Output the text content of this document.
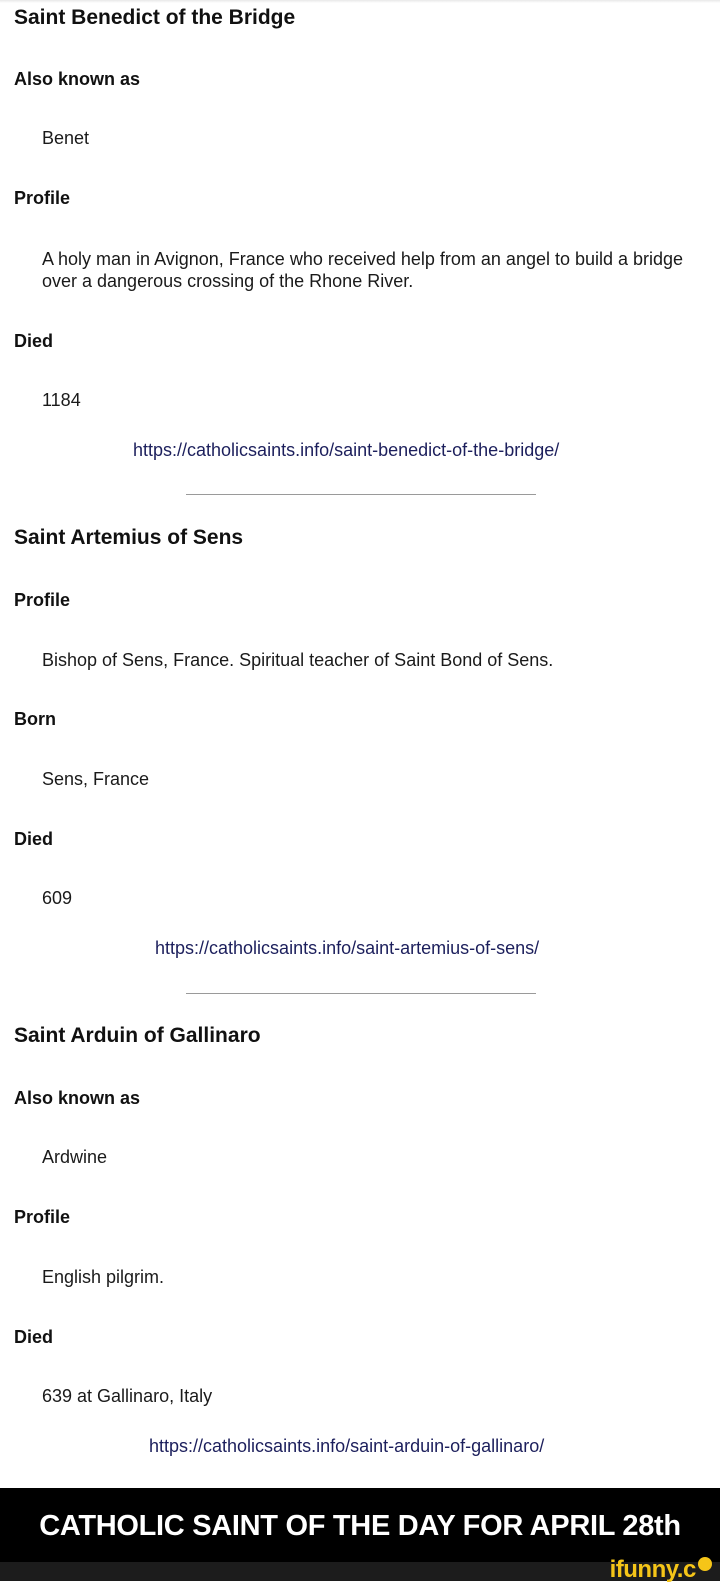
Saint Benedict of the Bridge
Also known as
Benet
Profile
A holy man in Avignon, France who received help from an angel to build a bridge over a dangerous crossing of the Rhone River.
Died
1184
https://catholicsaints.info/saint-benedict-of-the-bridge/
Saint Artemius of Sens
Profile
Bishop of Sens, France. Spiritual teacher of Saint Bond of Sens.
Born
Sens, France
Died
609
https://catholicsaints.info/saint-artemius-of-sens/
Saint Arduin of Gallinaro
Also known as
Ardwine
Profile
English pilgrim.
Died
639 at Gallinaro, Italy
https://catholicsaints.info/saint-arduin-of-gallinaro/
CATHOLIC SAINT OF THE DAY FOR APRIL 28th
ifunny.c
